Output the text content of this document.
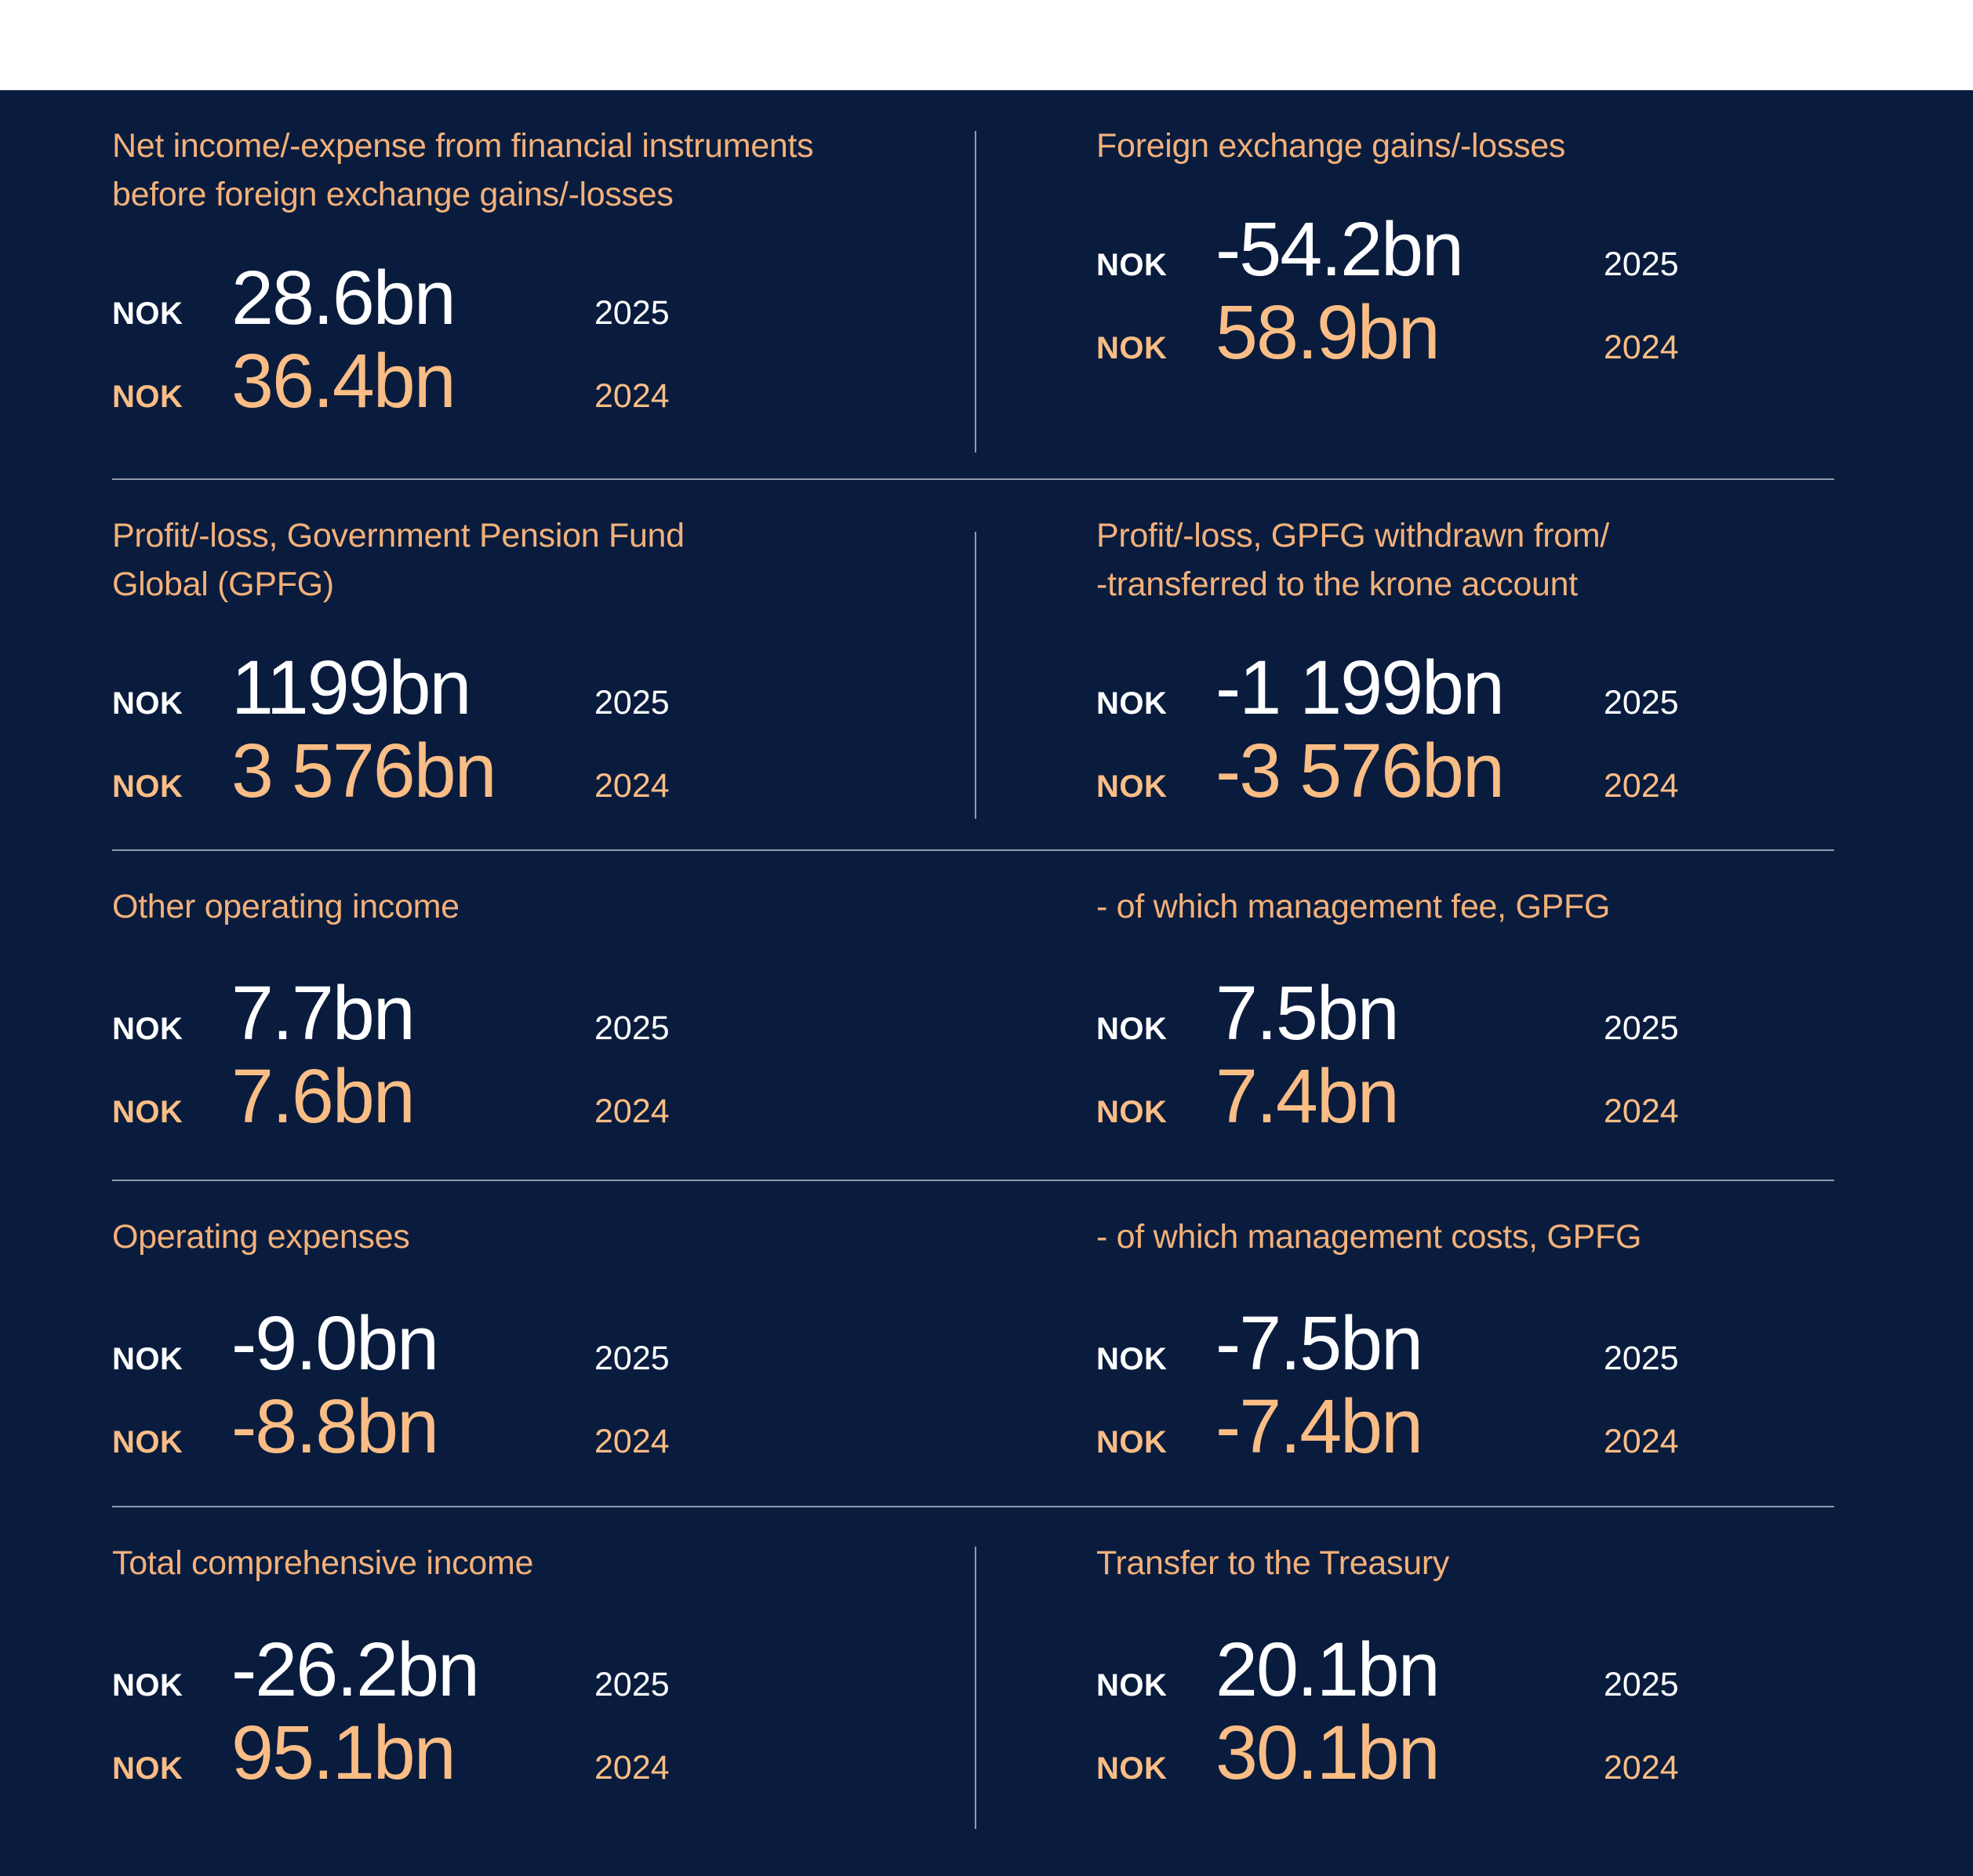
Net income/-expense from financial instruments
before foreign exchange gains/-losses
NOK 28.6bn	2025
NOK 36.4bn	2024
Foreign exchange gains/-losses
NOK -54.2bn	2025
NOK 58.9bn	2024
Profit/-loss, Government Pension Fund
Global (GPFG)
NOK 1199bn	2025
NOK 3 576bn	2024
Profit/-loss, GPFG withdrawn from/
-transferred to the krone account
NOK -1 199bn	2025
NOK -3 576bn	2024
Other operating income
NOK 7.7bn	2025
NOK 7.6bn	2024
- of which management fee, GPFG
NOK 7.5bn	2025
NOK 7.4bn	2024
Operating expenses
NOK -9.0bn	2025
NOK -8.8bn	2024
- of which management costs, GPFG
NOK -7.5bn	2025
NOK -7.4bn	2024
Total comprehensive income
NOK -26.2bn	2025
NOK 95.1bn	2024
Transfer to the Treasury
NOK 20.1bn	2025
NOK 30.1bn	2024
